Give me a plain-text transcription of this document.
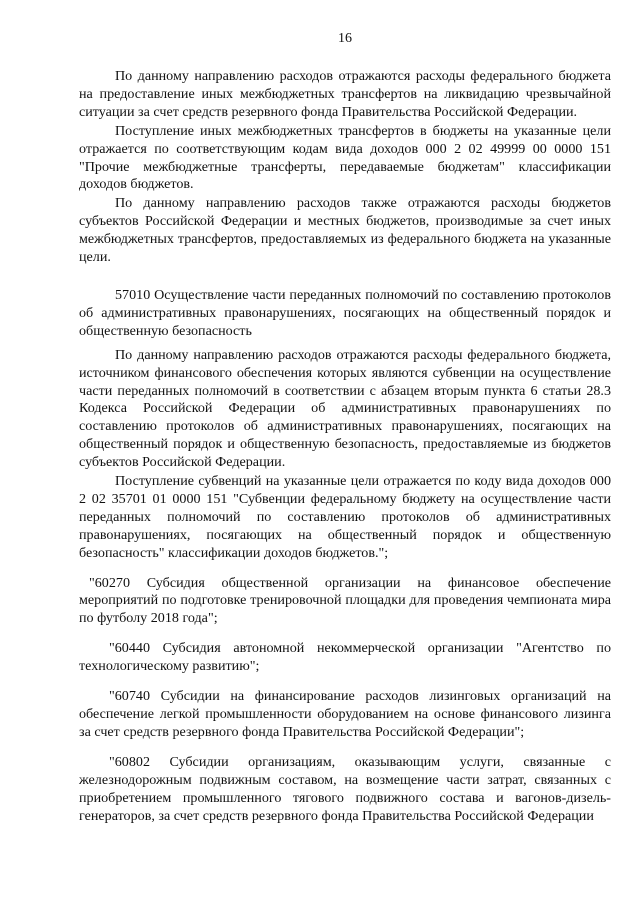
16

По данному направлению расходов отражаются расходы федерального бюджета на предоставление иных межбюджетных трансфертов на ликвидацию чрезвычайной ситуации за счет средств резервного фонда Правительства Российской Федерации.

Поступление иных межбюджетных трансфертов в бюджеты на указанные цели отражается по соответствующим кодам вида доходов 000 2 02 49999 00 0000 151 "Прочие межбюджетные трансферты, передаваемые бюджетам" классификации доходов бюджетов.

По данному направлению расходов также отражаются расходы бюджетов субъектов Российской Федерации и местных бюджетов, производимые за счет иных межбюджетных трансфертов, предоставляемых из федерального бюджета на указанные цели.

57010 Осуществление части переданных полномочий по составлению протоколов об административных правонарушениях, посягающих на общественный порядок и общественную безопасность

По данному направлению расходов отражаются расходы федерального бюджета, источником финансового обеспечения которых являются субвенции на осуществление части переданных полномочий в соответствии с абзацем вторым пункта 6 статьи 28.3 Кодекса Российской Федерации об административных правонарушениях по составлению протоколов об административных правонарушениях, посягающих на общественный порядок и общественную безопасность, предоставляемые из бюджетов субъектов Российской Федерации.

Поступление субвенций на указанные цели отражается по коду вида доходов 000 2 02 35701 01 0000 151 "Субвенции федеральному бюджету на осуществление части переданных полномочий по составлению протоколов об административных правонарушениях, посягающих на общественный порядок и общественную безопасность" классификации доходов бюджетов.";

"60270 Субсидия общественной организации на финансовое обеспечение мероприятий по подготовке тренировочной площадки для проведения чемпионата мира по футболу 2018 года";

"60440 Субсидия автономной некоммерческой организации "Агентство по технологическому развитию";

"60740 Субсидии на финансирование расходов лизинговых организаций на обеспечение легкой промышленности оборудованием на основе финансового лизинга за счет средств резервного фонда Правительства Российской Федерации";

"60802 Субсидии организациям, оказывающим услуги, связанные с железнодорожным подвижным составом, на возмещение части затрат, связанных с приобретением промышленного тягового подвижного состава и вагонов-дизель-генераторов, за счет средств резервного фонда Правительства Российской Федерации
